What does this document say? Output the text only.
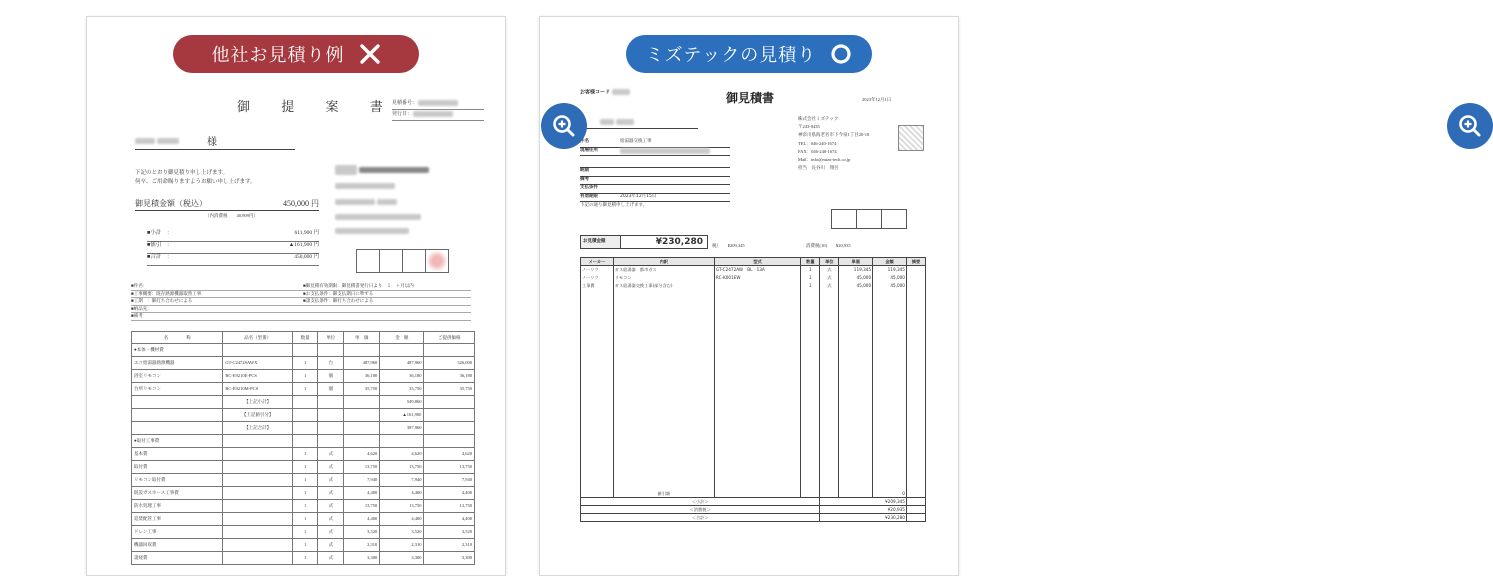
他社お見積り例
御 提 案 書
見積番号：
発行日：

様
下記のとおり御見積り申し上げます。
何卒、ご用命賜りますようお願い申し上げます。
御見積金額（税込）	450,000 円
（内消費税　　40,909円）
■小計　：	611,900 円
■値引　：	▲161,900 円
■合計　：	450,000 円

■件名：	■御見積有効期限：御見積書発行日より　１　ヶ月以内
■工事概要：既存熱源機器取替工事	■お支払条件：御支払期日に準ずる
■工期　：御打ち合わせによる	■諸支払条件：御打ち合わせによる
■納品先：
■備考
名　　　　称	品名（型番）	数量	単位	単　価	金　額	ご提供価格
●本体・機材費						
エコ給湯器熱源機器	GT-C2472SAWX	1	台	487,960	487,960	326,000
浴室リモコン	RC-E9210E-PCS	1	個	36,180	36,180	36,180
台所リモコン	RC-E9210M-PCS	1	個	35,750	35,750	35,750
	【上記小計】				549,860	
	【上記値引分】				▲161,900	
	【上記合計】				387,960	
●取付工事費						
基本費		1	式	4,620	4,620	4,620
取付費		1	式	13,750	13,750	13,750
リモコン取付費		1	式	7,940	7,940	7,940
既設ガスホース工事費		1	式	4,400	4,400	4,400
防水処理工事		1	式	13,750	13,750	13,750
追焚配管工事		1	式	4,400	4,400	4,400
ドレン工事		1	式	3,520	3,520	3,520
機器回収費		1	式	2,310	2,310	2,310
諸経費		1	式	3,300	3,300	3,300
ミズテックの見積り
お客様コード	御見積書	2023年12月1日

株式会社ミズテック
〒243-0435
神奈川県海老名市下今泉1丁目20-18
TEL：046-240-1674
FAX：046-240-1674
Mail：info@mizu-tech.co.jp
担当　長谷川　翔吾
件名	給湯器交換工事
現場住所
納期
摘考
支払条件
有効期限	2023年12月15日
下記の通り御見積申し上げます。
お見積金額	¥230,280 税）　　¥209,345	消費税(10)　　¥20,935
メーカー	内訳	型式	数量	単位	単価	金額	摘要
ノーリツ	ガス給湯器　都市ガス	GT-C2472AW　BL　13A	1	式	119,345	119,345	
ノーリツ	リモコン	RC-K001EW	1	式	45,000	45,000	
工事費	ガス給湯器交換工事(部分含む)		1	式	45,000	45,000	

	値引額					0	
＜小計＞				¥209,345			
＜消費税＞				¥20,935			
＜合計＞				¥230,280			
